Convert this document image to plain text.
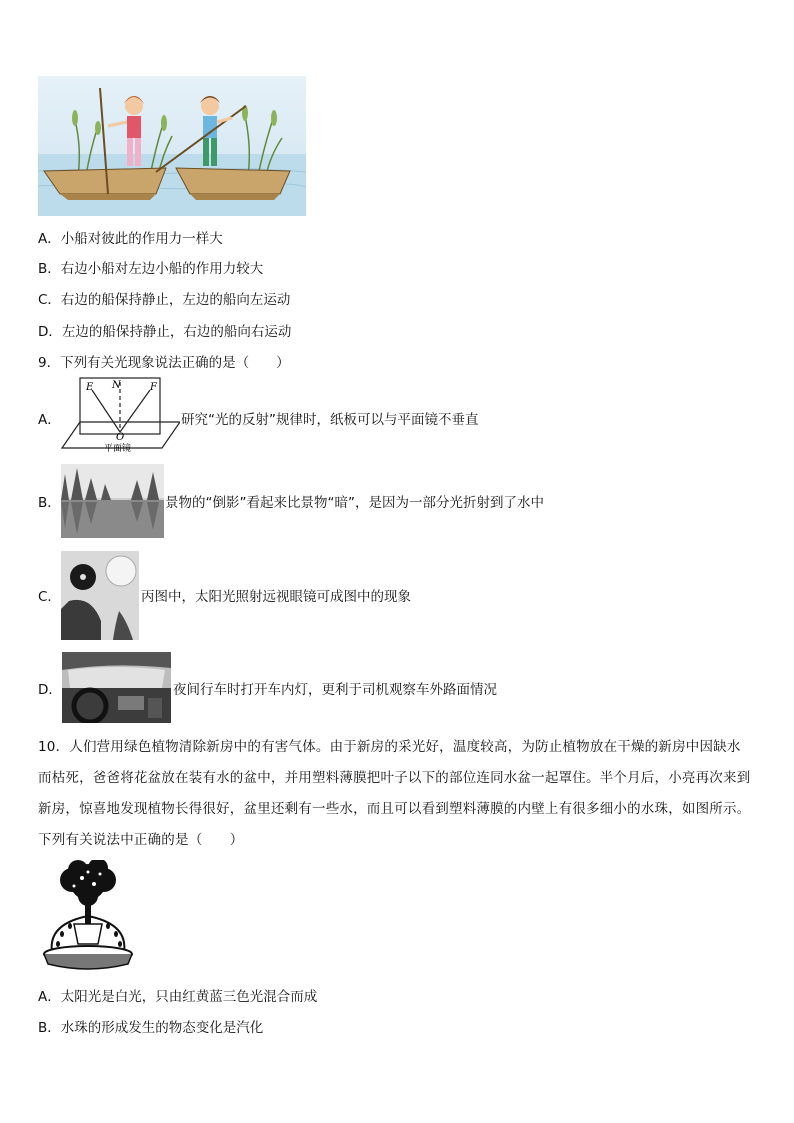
A．小船对彼此的作用力一样大
B．右边小船对左边小船的作用力较大
C．右边的船保持静止，左边的船向左运动
D．左边的船保持静止，右边的船向右运动
9．下列有关光现象说法正确的是（　　）
A．
E N	F
O
平面镜
研究“光的反射”规律时，纸板可以与平面镜不垂直
B．	景物的“倒影”看起来比景物“暗”，是因为一部分光折射到了水中
C．	丙图中，太阳光照射远视眼镜可成图中的现象
D．	夜间行车时打开车内灯，更利于司机观察车外路面情况
10．人们营用绿色植物清除新房中的有害气体。由于新房的采光好，温度较高，为防止植物放在干燥的新房中因缺水而枯死，爸爸将花盆放在装有水的盆中，并用塑料薄膜把叶子以下的部位连同水盆一起罩住。半个月后，小亮再次来到新房，惊喜地发现植物长得很好，盆里还剩有一些水，而且可以看到塑料薄膜的内壁上有很多细小的水珠，如图所示。下列有关说法中正确的是（　　）
A．太阳光是白光，只由红黄蓝三色光混合而成
B．水珠的形成发生的物态变化是汽化
